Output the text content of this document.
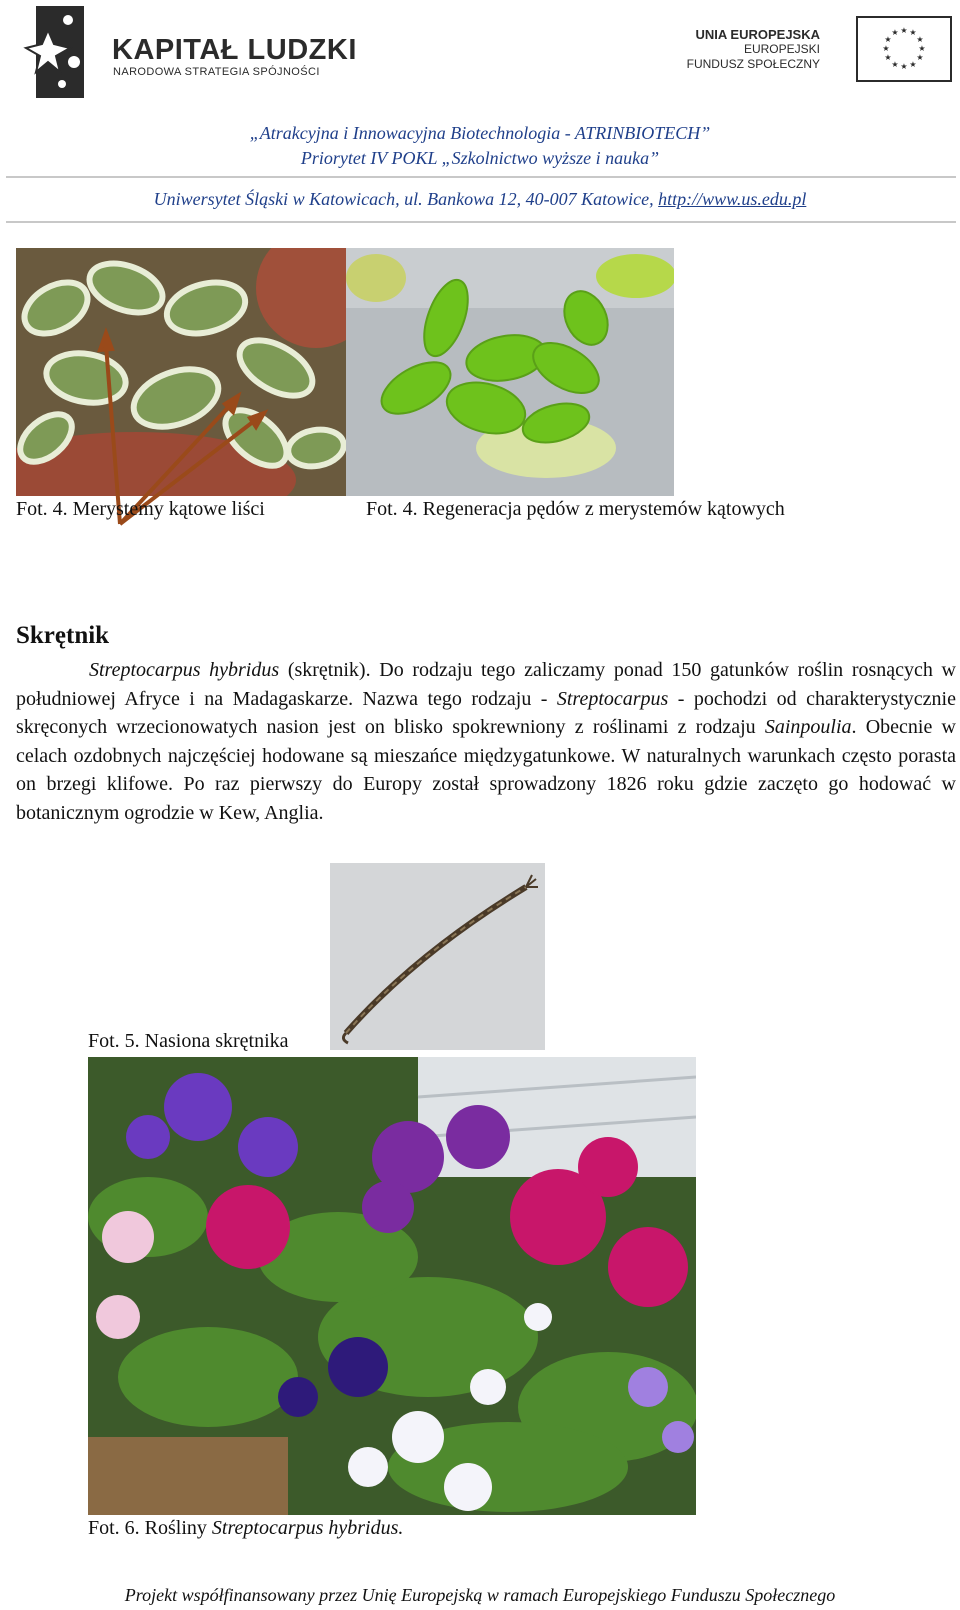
KAPITAŁ LUDZKI
NARODOWA STRATEGIA SPÓJNOŚCI
UNIA EUROPEJSKA
EUROPEJSKI
FUNDUSZ SPOŁECZNY
★ ★
★
★
★
★
★
★
★
★
★
★
„Atrakcyjna i Innowacyjna Biotechnologia - ATRINBIOTECH”
Priorytet IV POKL „Szkolnictwo wyższe i nauka”
Uniwersytet Śląski w Katowicach, ul. Bankowa 12, 40-007 Katowice, http://www.us.edu.pl
Fot. 4. Merystemy kątowe liści	Fot. 4. Regeneracja pędów z merystemów kątowych
Skrętnik
Streptocarpus hybridus (skrętnik). Do rodzaju tego zaliczamy ponad 150 gatunków roślin rosnących w południowej Afryce i na Madagaskarze. Nazwa tego rodzaju - Streptocarpus - pochodzi od charakterystycznie skręconych wrzecionowatych nasion jest on blisko spokrewniony z roślinami z rodzaju Sainpoulia. Obecnie w celach ozdobnych najczęściej hodowane są mieszańce międzygatunkowe. W naturalnych warunkach często porasta on brzegi klifowe. Po raz pierwszy do Europy został sprowadzony 1826 roku gdzie zaczęto go hodować w botanicznym ogrodzie w Kew, Anglia.
Fot. 5. Nasiona skrętnika
Fot. 6. Rośliny Streptocarpus hybridus.
Projekt współfinansowany przez Unię Europejską w ramach Europejskiego Funduszu Społecznego
